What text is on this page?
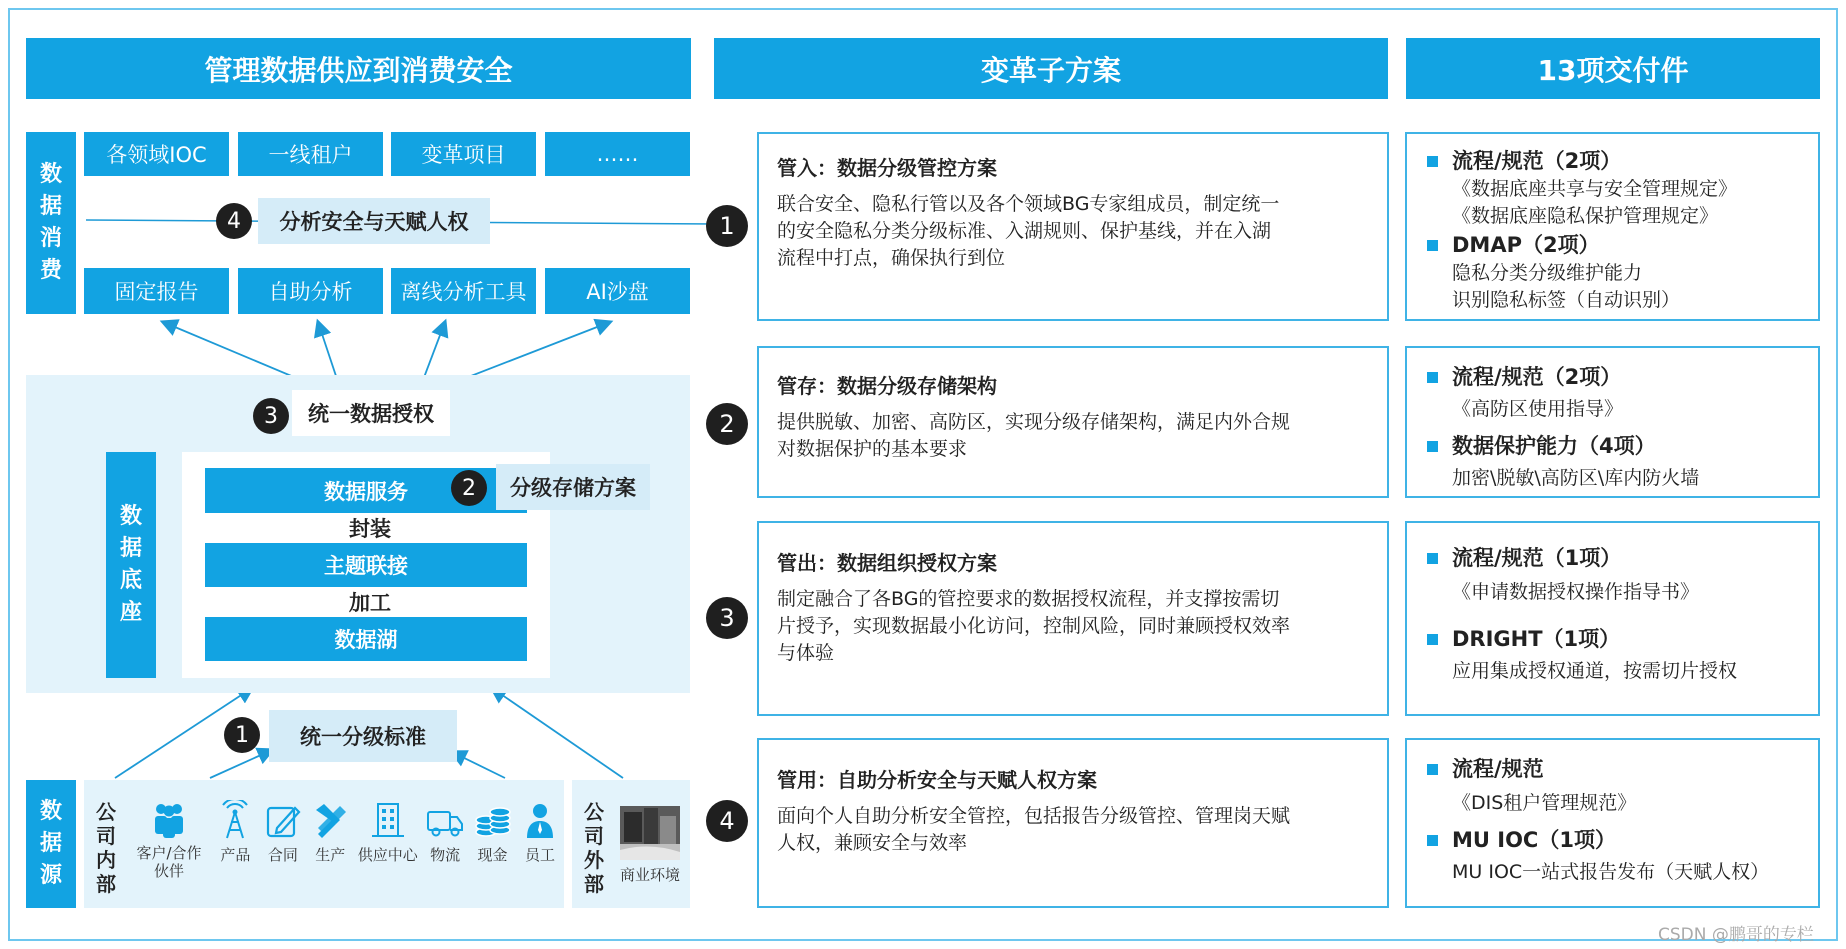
管理数据供应到消费安全	变革子方案	13项交付件
数
据
消
费
各领域IOC	一线租户	变革项目	……
固定报告	自助分析	离线分析工具	AI沙盘
4	分析安全与天赋人权
3	统一数据授权
数
据
底
座
数据服务
封装
主题联接
加工
数据湖
2	分级存储方案
1	统一分级标准
数
据
源
公司内部
客户/合作伙伴
产品 合同 生产 供应中心 物流 现金 员工
公司外部 商业环境
1
管入：数据分级管控方案
联合安全、隐私行管以及各个领域BG专家组成员，制定统一
的安全隐私分类分级标准、入湖规则、保护基线，并在入湖
流程中打点，确保执行到位
2
管存：数据分级存储架构
提供脱敏、加密、高防区，实现分级存储架构，满足内外合规
对数据保护的基本要求
3
管出：数据组织授权方案
制定融合了各BG的管控要求的数据授权流程，并支撑按需切
片授予，实现数据最小化访问，控制风险，同时兼顾授权效率
与体验
4
管用：自助分析安全与天赋人权方案
面向个人自助分析安全管控，包括报告分级管控、管理岗天赋
人权，兼顾安全与效率
流程/规范（2项）
《数据底座共享与安全管理规定》
《数据底座隐私保护管理规定》
DMAP（2项）
隐私分类分级维护能力
识别隐私标签（自动识别）
流程/规范（2项）
《高防区使用指导》
数据保护能力（4项）
加密\脱敏\高防区\库内防火墙
流程/规范（1项）
《申请数据授权操作指导书》
DRIGHT（1项）
应用集成授权通道，按需切片授权
流程/规范
《DIS租户管理规范》
MU IOC（1项）
MU IOC一站式报告发布（天赋人权）
CSDN @鹏哥的专栏
